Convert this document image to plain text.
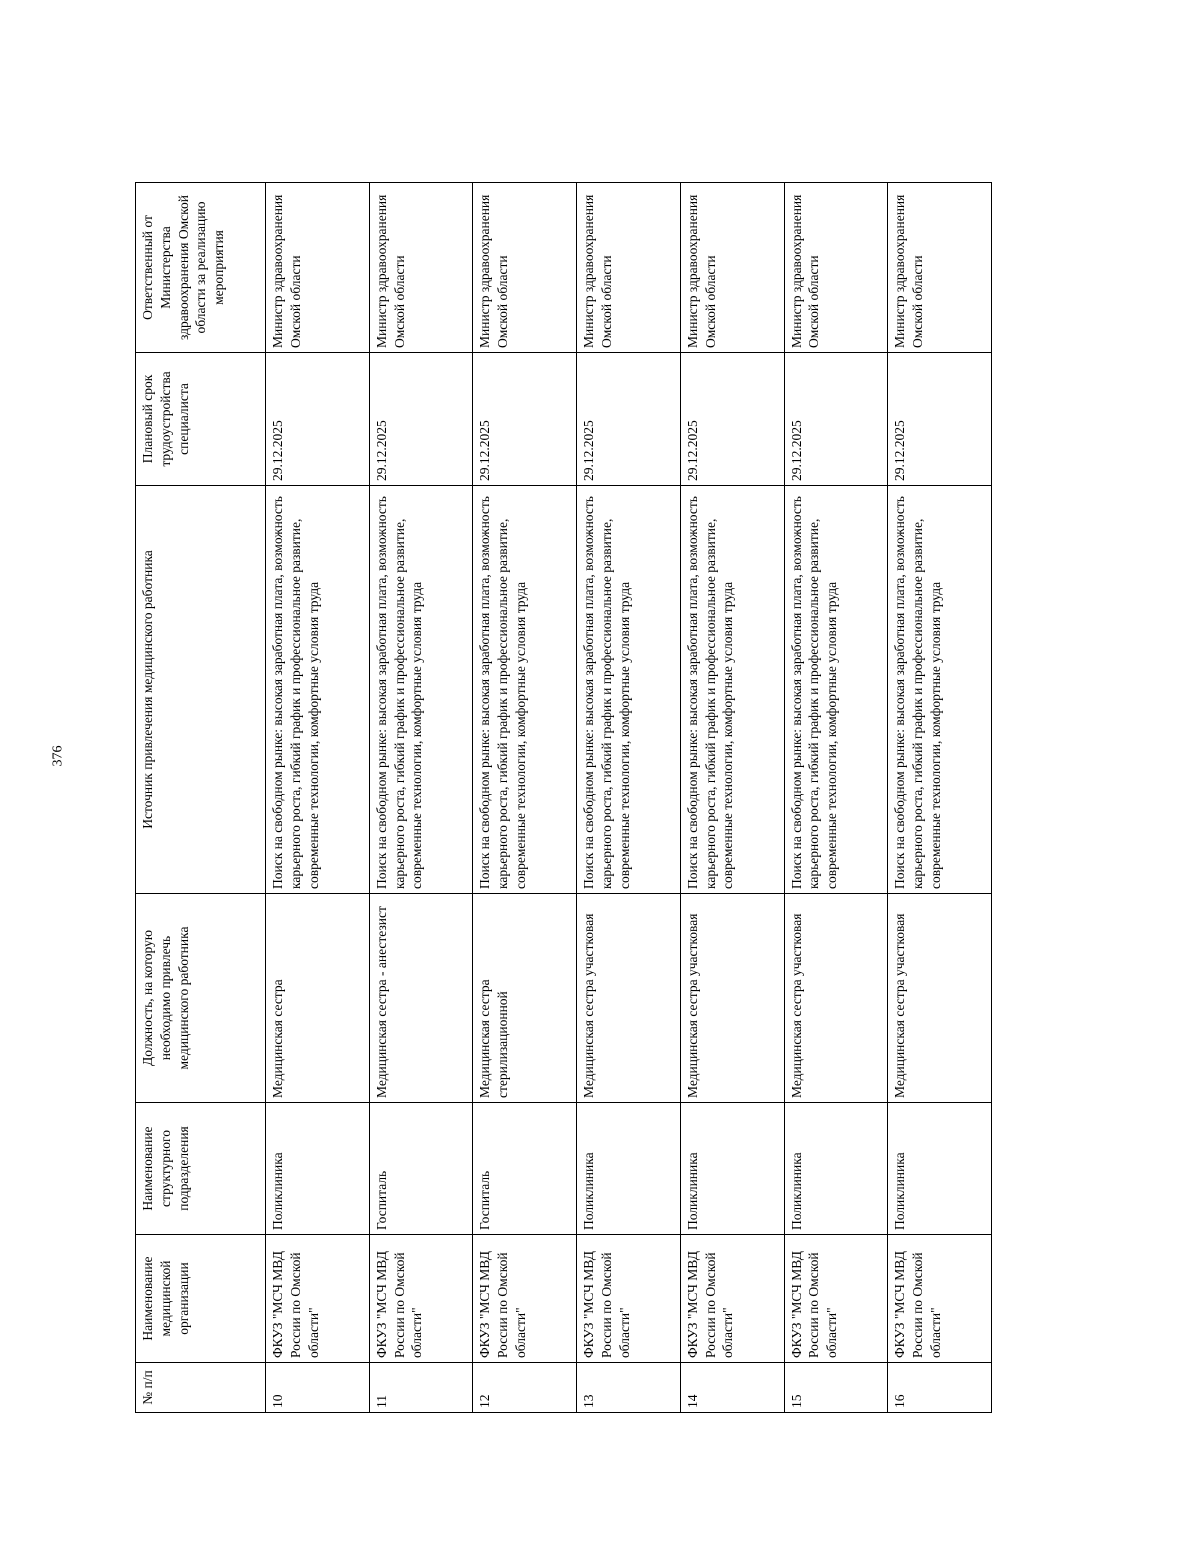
376
№ п/п	Наименование медицинской организации	Наименование структурного подразделения	Должность, на которую необходимо привлечь медицинского работника	Источник привлечения медицинского работника	Плановый срок трудоустройства специалиста	Ответственный от Министерства здравоохранения Омской области за реализацию мероприятия
10	ФКУЗ "МСЧ МВД России по Омской области"	Поликлиника	Медицинская сестра	Поиск на свободном рынке: высокая заработная плата, возможность карьерного роста, гибкий график и профессиональное развитие, современные технологии, комфортные условия труда	29.12.2025	Министр здравоохранения Омской области
11	ФКУЗ "МСЧ МВД России по Омской области"	Госпиталь	Медицинская сестра - анестезист	Поиск на свободном рынке: высокая заработная плата, возможность карьерного роста, гибкий график и профессиональное развитие, современные технологии, комфортные условия труда	29.12.2025	Министр здравоохранения Омской области
12	ФКУЗ "МСЧ МВД России по Омской области"	Госпиталь	Медицинская сестра стерилизационной	Поиск на свободном рынке: высокая заработная плата, возможность карьерного роста, гибкий график и профессиональное развитие, современные технологии, комфортные условия труда	29.12.2025	Министр здравоохранения Омской области
13	ФКУЗ "МСЧ МВД России по Омской области"	Поликлиника	Медицинская сестра участковая	Поиск на свободном рынке: высокая заработная плата, возможность карьерного роста, гибкий график и профессиональное развитие, современные технологии, комфортные условия труда	29.12.2025	Министр здравоохранения Омской области
14	ФКУЗ "МСЧ МВД России по Омской области"	Поликлиника	Медицинская сестра участковая	Поиск на свободном рынке: высокая заработная плата, возможность карьерного роста, гибкий график и профессиональное развитие, современные технологии, комфортные условия труда	29.12.2025	Министр здравоохранения Омской области
15	ФКУЗ "МСЧ МВД России по Омской области"	Поликлиника	Медицинская сестра участковая	Поиск на свободном рынке: высокая заработная плата, возможность карьерного роста, гибкий график и профессиональное развитие, современные технологии, комфортные условия труда	29.12.2025	Министр здравоохранения Омской области
16	ФКУЗ "МСЧ МВД России по Омской области"	Поликлиника	Медицинская сестра участковая	Поиск на свободном рынке: высокая заработная плата, возможность карьерного роста, гибкий график и профессиональное развитие, современные технологии, комфортные условия труда	29.12.2025	Министр здравоохранения Омской области
